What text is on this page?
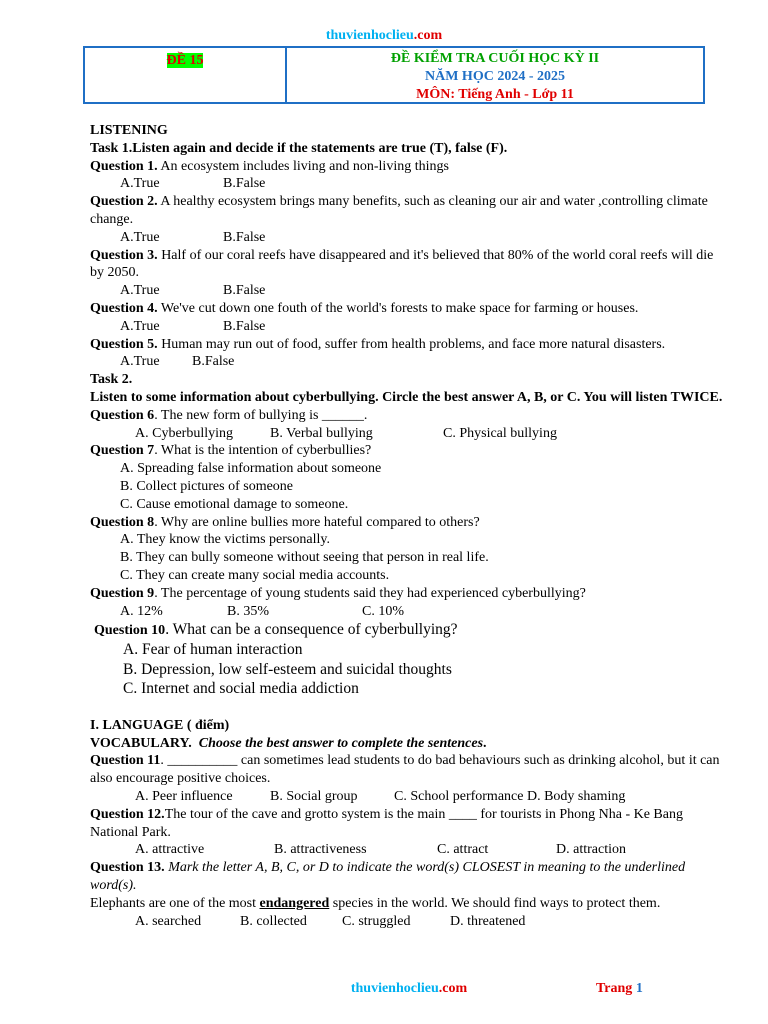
thuvienhoclieu.com
ĐỀ 15	ĐỀ KIỂM TRA CUỐI HỌC KỲ II
NĂM HỌC 2024 - 2025
MÔN: Tiếng Anh - Lớp 11
LISTENING
Task 1.Listen again and decide if the statements are true (T), false (F).
Question 1. An ecosystem includes living and non-living things
A.True	B.False
Question 2. A healthy ecosystem brings many benefits, such as cleaning our air and water ,controlling climate change.
A.True	B.False
Question 3. Half of our coral reefs have disappeared and it's believed that 80% of the world coral reefs will die by 2050.
A.True	B.False
Question 4. We've cut down one fouth of the world's forests to make space for farming or houses.
A.True	B.False
Question 5. Human may run out of food, suffer from health problems, and face more natural disasters.
A.True B.False
Task 2.
Listen to some information about cyberbullying. Circle the best answer A, B, or C. You will listen TWICE.
Question 6. The new form of bullying is ______.
A. Cyberbullying	B. Verbal bullying	C. Physical bullying
Question 7. What is the intention of cyberbullies?
A. Spreading false information about someone
B. Collect pictures of someone
C. Cause emotional damage to someone.
Question 8. Why are online bullies more hateful compared to others?
A. They know the victims personally.
B. They can bully someone without seeing that person in real life.
C. They can create many social media accounts.
Question 9. The percentage of young students said they had experienced cyberbullying?
A. 12%	B. 35%	C. 10%
Question 10. What can be a consequence of cyberbullying?
A. Fear of human interaction
B. Depression, low self-esteem and suicidal thoughts
C. Internet and social media addiction
I. LANGUAGE ( điểm)
VOCABULARY. Choose the best answer to complete the sentences.
Question 11. __________ can sometimes lead students to do bad behaviours such as drinking alcohol, but it can also encourage positive choices.
A. Peer influence	B. Social group	C. School performance D. Body shaming
Question 12.The tour of the cave and grotto system is the main ____ for tourists in Phong Nha - Ke Bang National Park.
A. attractive	B. attractiveness	C. attract	D. attraction
Question 13. Mark the letter A, B, C, or D to indicate the word(s) CLOSEST in meaning to the underlined word(s).
Elephants are one of the most endangered species in the world. We should find ways to protect them.
A. searched	B. collected	C. struggled	D. threatened
thuvienhoclieu.com	Trang 1
